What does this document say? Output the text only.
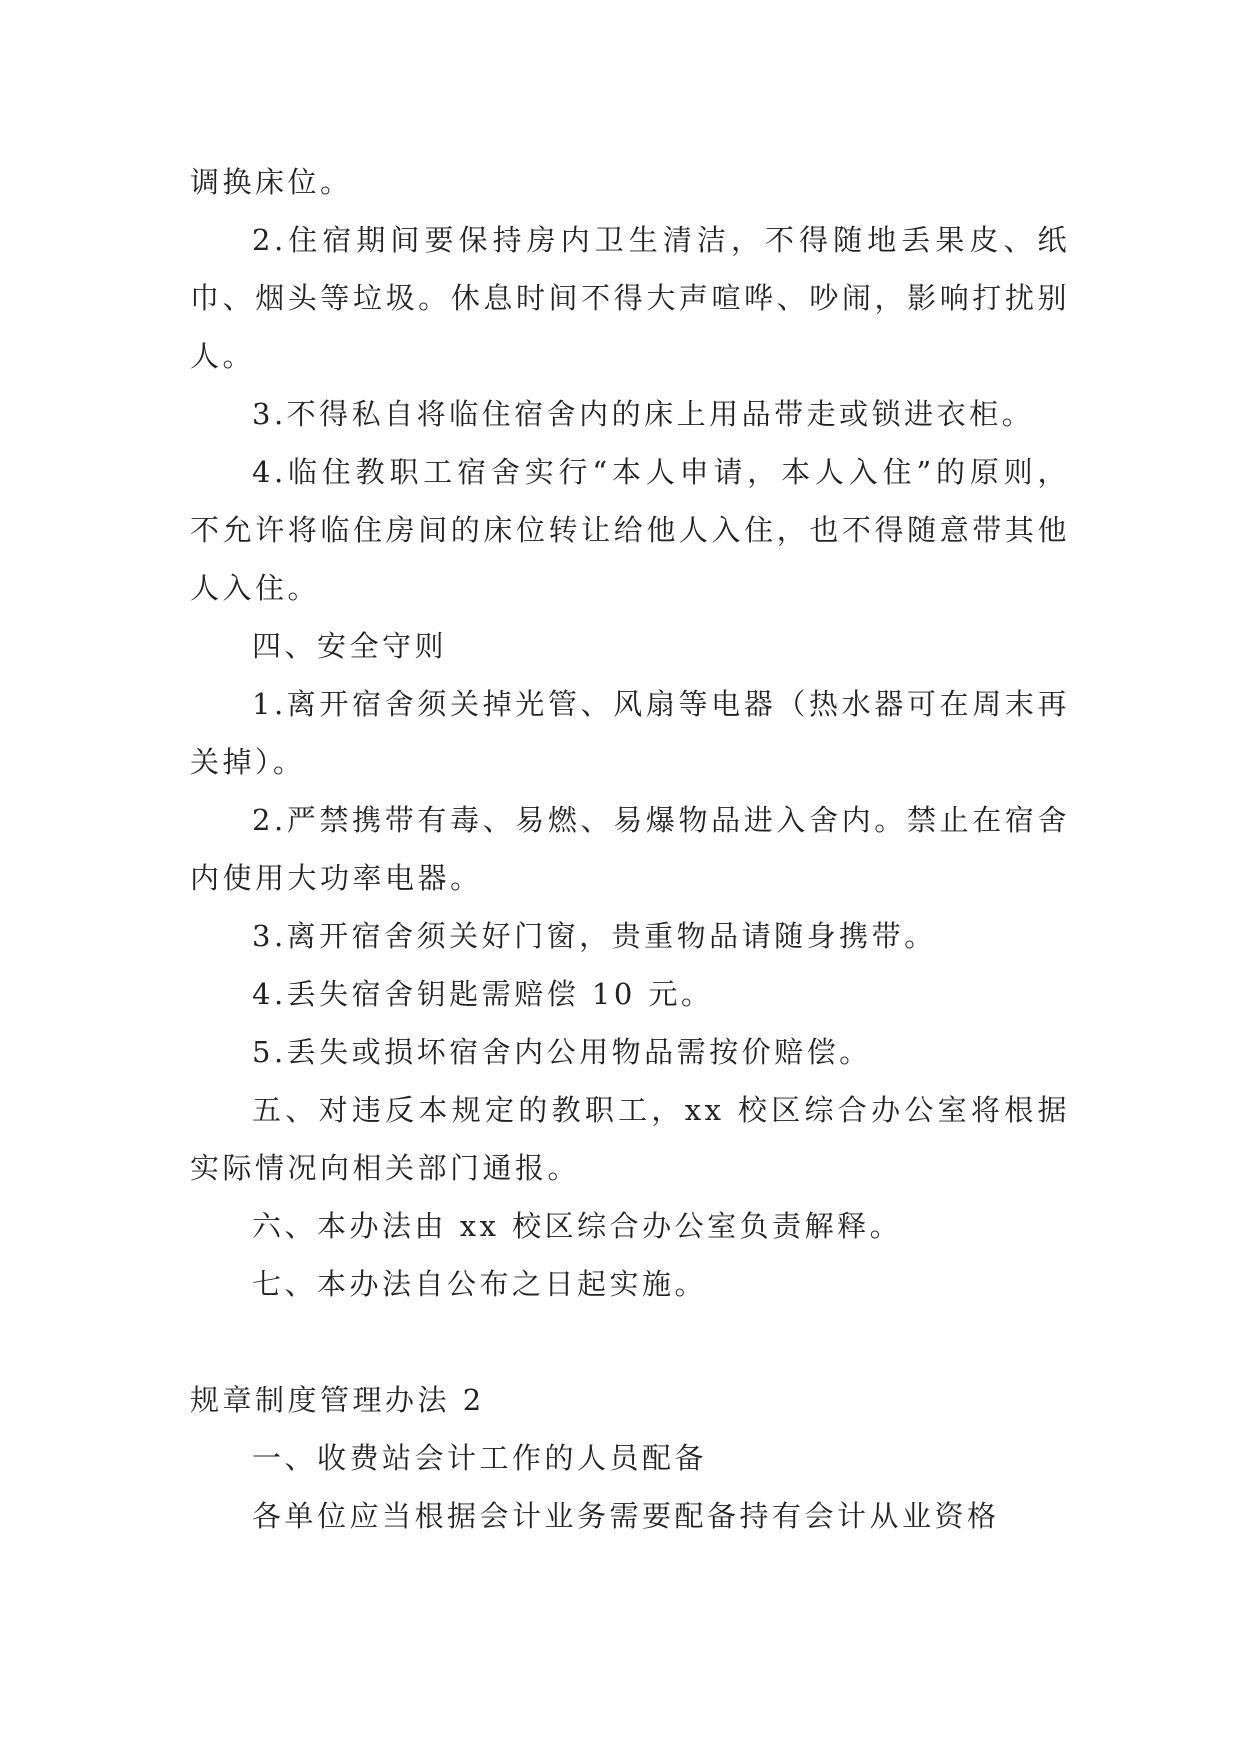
调换床位。

2.住宿期间要保持房内卫生清洁，不得随地丢果皮、纸巾、烟头等垃圾。休息时间不得大声喧哗、吵闹，影响打扰别人。

3.不得私自将临住宿舍内的床上用品带走或锁进衣柜。

4.临住教职工宿舍实行“本人申请，本人入住”的原则，不允许将临住房间的床位转让给他人入住，也不得随意带其他人入住。

四、安全守则

1.离开宿舍须关掉光管、风扇等电器（热水器可在周末再关掉）。

2.严禁携带有毒、易燃、易爆物品进入舍内。禁止在宿舍内使用大功率电器。

3.离开宿舍须关好门窗，贵重物品请随身携带。

4.丢失宿舍钥匙需赔偿 10 元。

5.丢失或损坏宿舍内公用物品需按价赔偿。

五、对违反本规定的教职工，xx 校区综合办公室将根据实际情况向相关部门通报。

六、本办法由 xx 校区综合办公室负责解释。

七、本办法自公布之日起实施。

规章制度管理办法 2

一、收费站会计工作的人员配备

各单位应当根据会计业务需要配备持有会计从业资格
